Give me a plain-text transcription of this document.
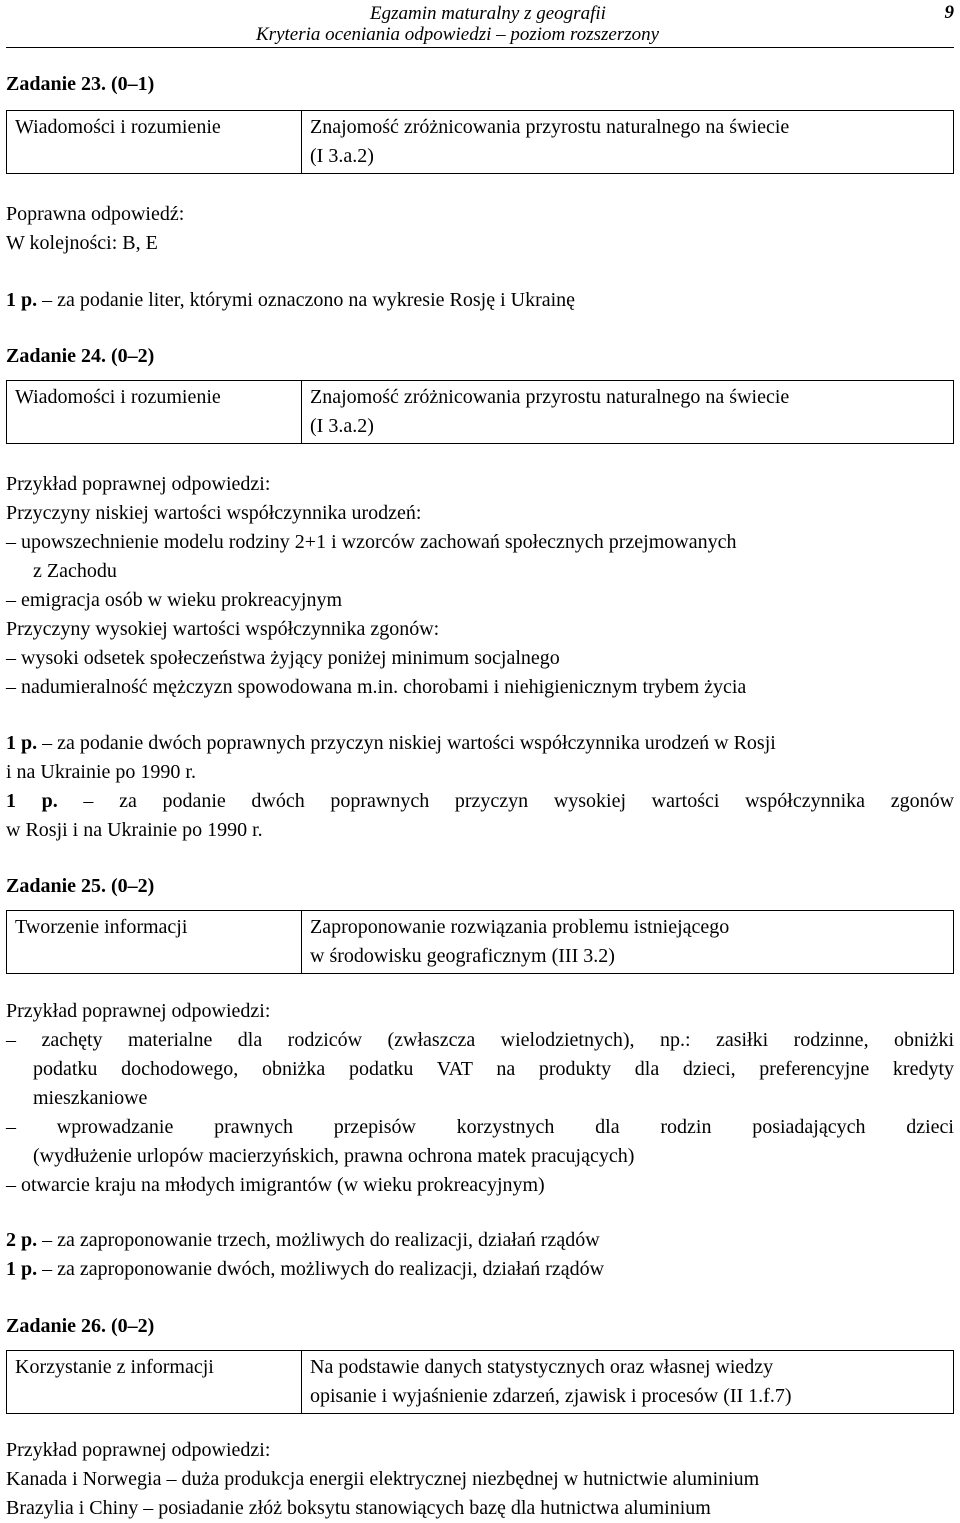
Egzamin maturalny z geografii
Kryteria oceniania odpowiedzi – poziom rozszerzony
9
Zadanie 23. (0–1)
Wiadomości i rozumienie	Znajomość zróżnicowania przyrostu naturalnego na świecie
(I 3.a.2)
Poprawna odpowiedź:
W kolejności: B, E
1 p. – za podanie liter, którymi oznaczono na wykresie Rosję i Ukrainę
Zadanie 24. (0–2)
Wiadomości i rozumienie	Znajomość zróżnicowania przyrostu naturalnego na świecie
(I 3.a.2)
Przykład poprawnej odpowiedzi:
Przyczyny niskiej wartości współczynnika urodzeń:
– upowszechnienie modelu rodziny 2+1 i wzorców zachowań społecznych przejmowanych
z Zachodu
– emigracja osób w wieku prokreacyjnym
Przyczyny wysokiej wartości współczynnika zgonów:
– wysoki odsetek społeczeństwa żyjący poniżej minimum socjalnego
– nadumieralność mężczyzn spowodowana m.in. chorobami i niehigienicznym trybem życia
1 p. – za podanie dwóch poprawnych przyczyn niskiej wartości współczynnika urodzeń w Rosji
i na Ukrainie po 1990 r.
1 p. – za podanie dwóch poprawnych przyczyn wysokiej wartości współczynnika zgonów
w Rosji i na Ukrainie po 1990 r.
Zadanie 25. (0–2)
Tworzenie informacji	Zaproponowanie rozwiązania problemu istniejącego
w środowisku geograficznym (III 3.2)
Przykład poprawnej odpowiedzi:
– zachęty materialne dla rodziców (zwłaszcza wielodzietnych), np.: zasiłki rodzinne, obniżki
podatku dochodowego, obniżka podatku VAT na produkty dla dzieci, preferencyjne kredyty
mieszkaniowe
– wprowadzanie prawnych przepisów korzystnych dla rodzin posiadających dzieci
(wydłużenie urlopów macierzyńskich, prawna ochrona matek pracujących)
– otwarcie kraju na młodych imigrantów (w wieku prokreacyjnym)
2 p. – za zaproponowanie trzech, możliwych do realizacji, działań rządów
1 p. – za zaproponowanie dwóch, możliwych do realizacji, działań rządów
Zadanie 26. (0–2)
Korzystanie z informacji	Na podstawie danych statystycznych oraz własnej wiedzy
opisanie i wyjaśnienie zdarzeń, zjawisk i procesów (II 1.f.7)
Przykład poprawnej odpowiedzi:
Kanada i Norwegia – duża produkcja energii elektrycznej niezbędnej w hutnictwie aluminium
Brazylia i Chiny – posiadanie złóż boksytu stanowiących bazę dla hutnictwa aluminium
